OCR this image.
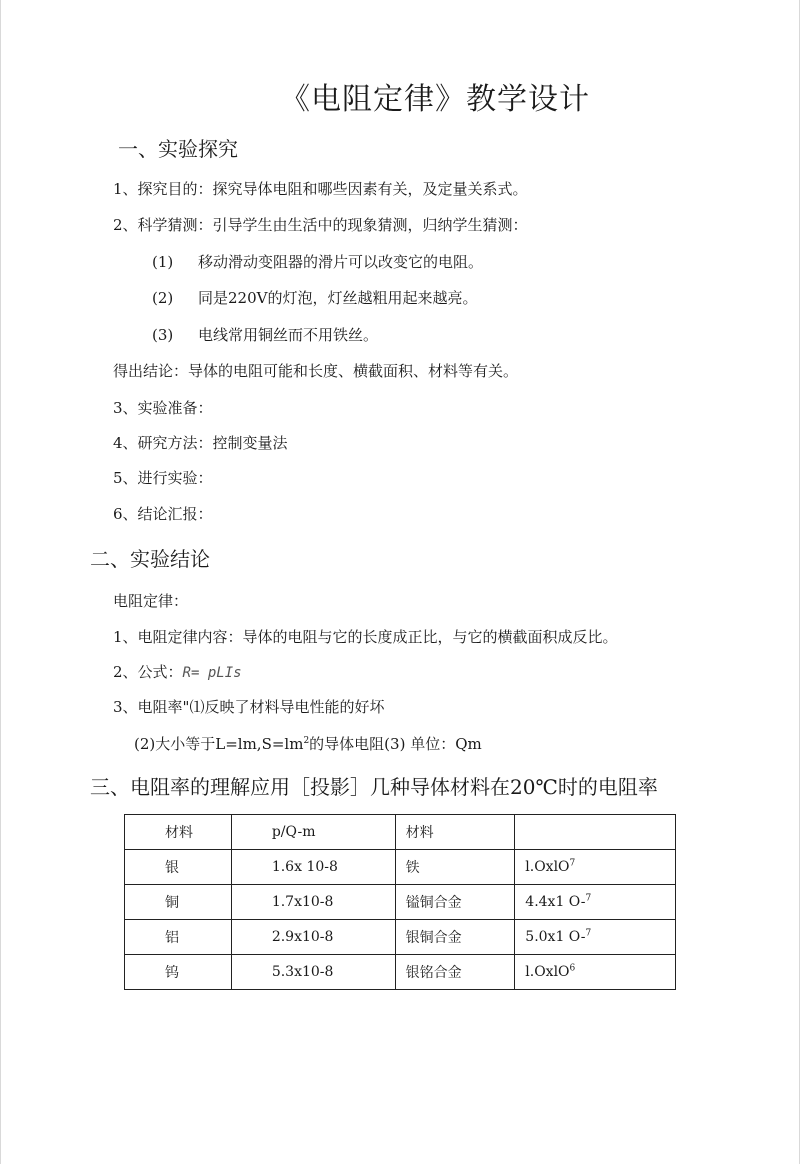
《电阻定律》教学设计
一、实验探究
1、探究目的：探究导体电阻和哪些因素有关，及定量关系式。
2、科学猜测：引导学生由生活中的现象猜测，归纳学生猜测：
(1) 移动滑动变阻器的滑片可以改变它的电阻。
(2) 同是220V的灯泡，灯丝越粗用起来越亮。
(3) 电线常用铜丝而不用铁丝。
得出结论：导体的电阻可能和长度、横截面积、材料等有关。
3、实验准备：
4、研究方法：控制变量法
5、进行实验：
6、结论汇报：
二、实验结论
电阻定律：
1、电阻定律内容：导体的电阻与它的长度成正比，与它的横截面积成反比。
2、公式：R= pLIs
3、电阻率"⑴反映了材料导电性能的好坏
(2)大小等于$L=lm,S=lm^2$的导体电阻(3) 单位：Qm
三、电阻率的理解应用［投影］几种导体材料在20℃时的电阻率
材料	p/Q-m	材料	
银	1.6x 10-8	铁	l.OxlO$^7$
铜	1.7x10-8	镒铜合金	4.4x1 O-$^7$
铝	2.9x10-8	银铜合金	5.0x1 O-$^7$
钨	5.3x10-8	银铭合金	l.OxlO$^6$
